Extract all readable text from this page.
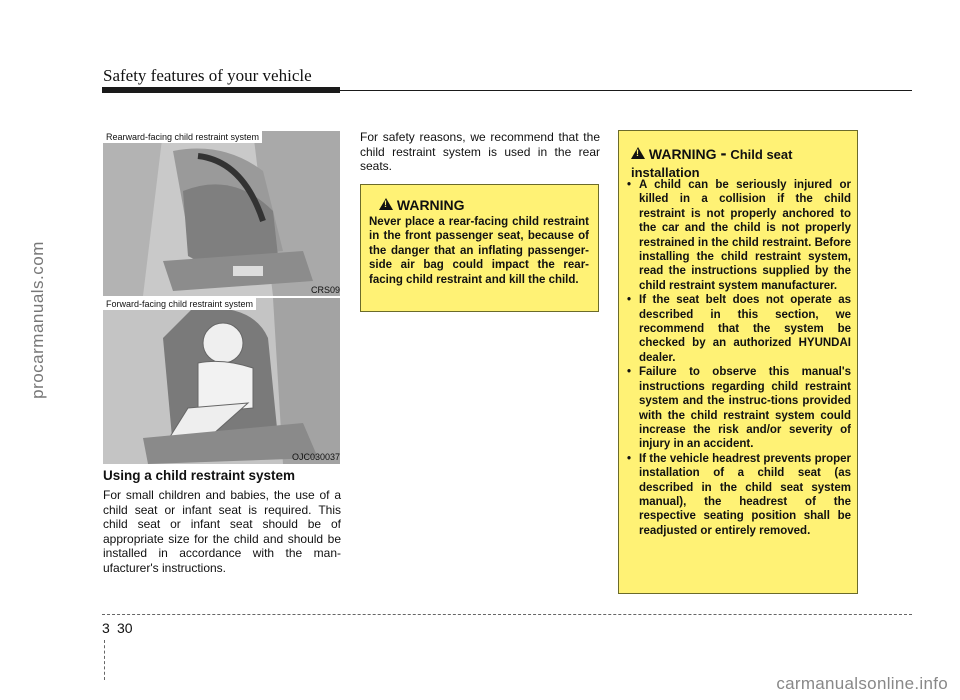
Safety features of your vehicle
procarmanuals.com
Rearward-facing child restraint system
CRS09
Forward-facing child restraint system
OJC030037
Using a child restraint system
For small children and babies, the use of a child seat or infant seat is required. This child seat or infant seat should be of appropriate size for the child and should be installed in accordance with the man-ufacturer's instructions.
For safety reasons, we recommend that the child restraint system is used in the rear seats.
! WARNING
Never place a rear-facing child restraint in the front passenger seat, because of the danger that an inflating passenger-side air bag could impact the rear-facing child restraint and kill the child.
! WARNING - Child seat installation
• A child can be seriously injured or killed in a collision if the child restraint is not properly anchored to the car and the child is not properly restrained in the child restraint. Before installing the child restraint system, read the instructions supplied by the child restraint system manufacturer.
• If the seat belt does not operate as described in this section, we recommend that the system be checked by an authorized HYUNDAI dealer.
• Failure to observe this manual's instructions regarding child restraint system and the instruc-tions provided with the child restraint system could increase the risk and/or severity of injury in an accident.
• If the vehicle headrest prevents proper installation of a child seat (as described in the child seat system manual), the headrest of the respective seating position shall be readjusted or entirely removed.
3 30
carmanualsonline.info
